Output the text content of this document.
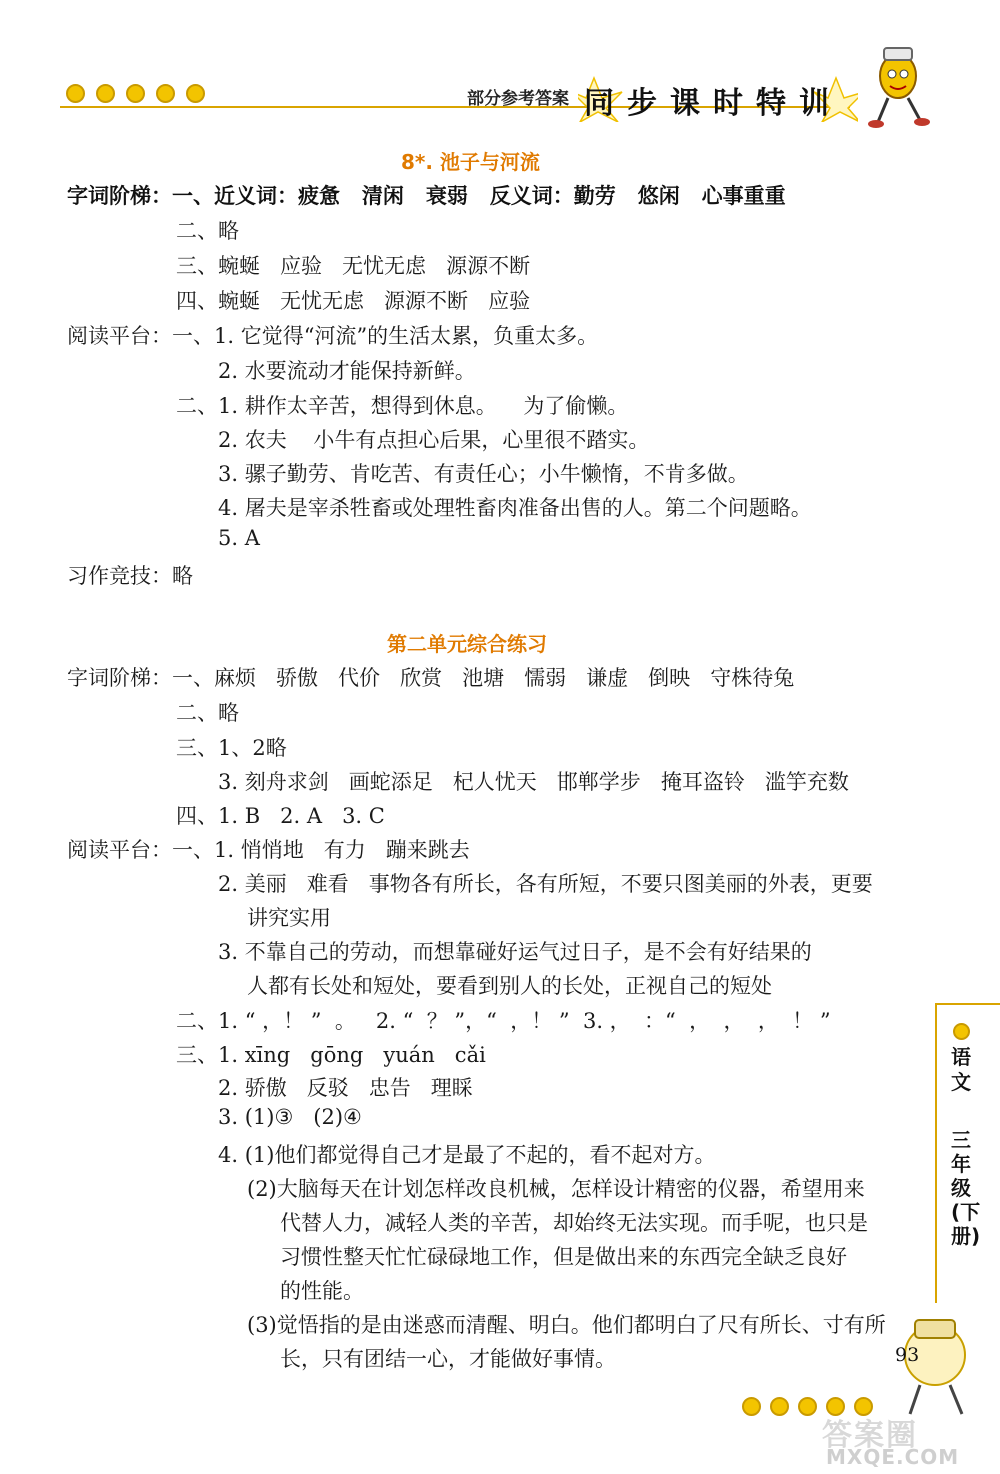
部分参考答案 同步课时特训
8*. 池子与河流
字词阶梯：一、近义词：疲惫   清闲   衰弱   反义词：勤劳   悠闲   心事重重
二、略
三、蜿蜒   应验   无忧无虑   源源不断
四、蜿蜒   无忧无虑   源源不断   应验
阅读平台：一、1. 它觉得“河流”的生活太累，负重太多。
2. 水要流动才能保持新鲜。
二、1. 耕作太辛苦，想得到休息。    为了偷懒。
2. 农夫    小牛有点担心后果，心里很不踏实。
3. 骡子勤劳、肯吃苦、有责任心；小牛懒惰，不肯多做。
4. 屠夫是宰杀牲畜或处理牲畜肉准备出售的人。第二个问题略。
5. A
习作竞技：略
第二单元综合练习
字词阶梯：一、麻烦   骄傲   代价   欣赏   池塘   懦弱   谦虚   倒映   守株待兔
二、略
三、1、2略
3. 刻舟求剑   画蛇添足   杞人忧天   邯郸学步   掩耳盗铃   滥竽充数
四、1. B   2. A   3. C
阅读平台：一、1. 悄悄地   有力   蹦来跳去
2. 美丽   难看   事物各有所长，各有所短，不要只图美丽的外表，更要
讲究实用
3. 不靠自己的劳动，而想靠碰好运气过日子，是不会有好结果的
人都有长处和短处，要看到别人的长处，正视自己的短处
二、1. “ ，！ ”  。   2. “  ？ ”，“  ，！ ”  3. ，  ：“  ，  ，  ，  ！ ”
三、1. xīng   gōng   yuán   cǎi
2. 骄傲   反驳   忠告   理睬
3. (1)③   (2)④
4. (1)他们都觉得自己才是最了不起的，看不起对方。
(2)大脑每天在计划怎样改良机械，怎样设计精密的仪器，希望用来
代替人力，减轻人类的辛苦，却始终无法实现。而手呢，也只是
习惯性整天忙忙碌碌地工作，但是做出来的东西完全缺乏良好
的性能。
(3)觉悟指的是由迷惑而清醒、明白。他们都明白了尺有所长、寸有所
长，只有团结一心，才能做好事情。
语文
三年级(下册)
93
答案圈
MXQE.COM
